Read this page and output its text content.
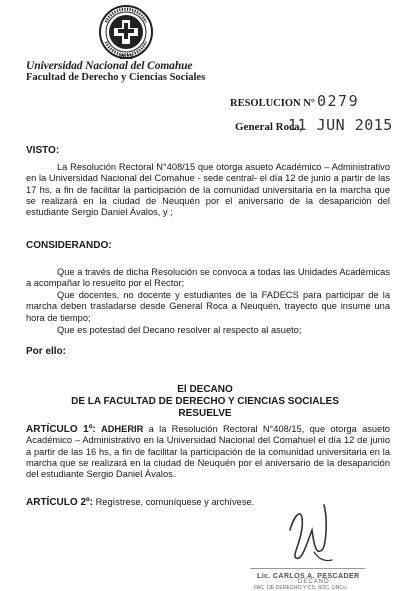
1972
Universidad Nacional del Comahue
Facultad de Derecho y Ciencias Sociales
RESOLUCION N° 0279
General Roca,
11 JUN 2015
VISTO:
La Resolución Rectoral N°408/15 que otorga asueto Académico – Administrativo en la Universidad Nacional del Comahue - sede central- el día 12 de junio a partir de las 17 hs, a fin de facilitar la participación de la comunidad universitaria en la marcha que se realizará en la ciudad de Neuquén por el aniversario de la desaparición del estudiante Sergio Daniel Ávalos, y ;
CONSIDERANDO:
Que a través de dicha Resolución se convoca a todas las Unidades Académicas a acompañar lo resuelto por el Rector;
Que docentes, no docente y estudiantes de la FADECS para participar de la marcha deben trasladarse desde General Roca a Neuquén, trayecto que insume una hora de tiempo;
Que es potestad del Decano resolver al respecto al asueto;
Por ello:
El DECANO
DE LA FACULTAD DE DERECHO Y CIENCIAS SOCIALES
RESUELVE
ARTÍCULO 1º: ADHERIR a la Resolución Rectoral N°408/15, que otorga asueto Académico – Administrativo en la Universidad Nacional del Comahuel el día 12 de junio a partir de las 16 hs, a fin de facilitar la participación de la comunidad universitaria en la marcha que se realizará en la ciudad de Neuquén por el aniversario de la desaparición del estudiante Sergio Daniel Ávalos.
ARTÍCULO 2º: Regístrese, comuníquese y archívese.
Lic. CARLOS A. PESCADER
DECANO
FAC. DE DERECHO Y CS. SOC. UNCo.
